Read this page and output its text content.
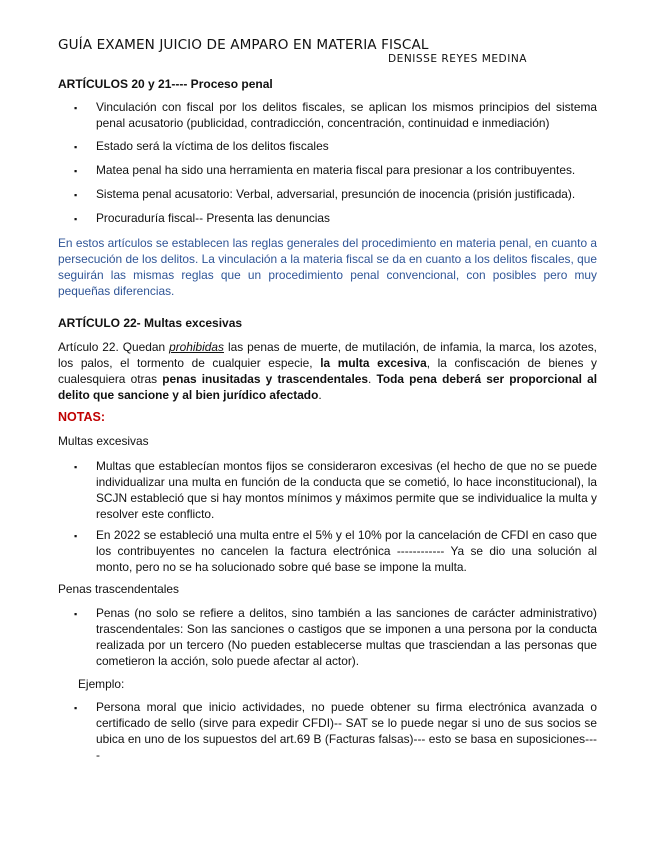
GUÍA EXAMEN JUICIO DE AMPARO EN MATERIA FISCAL
DENISSE REYES MEDINA
ARTÍCULOS 20 y 21---- Proceso penal
▪ Vinculación con fiscal por los delitos fiscales, se aplican los mismos principios del sistema penal acusatorio (publicidad, contradicción, concentración, continuidad e inmediación)
▪ Estado será la víctima de los delitos fiscales
▪ Matea penal ha sido una herramienta en materia fiscal para presionar a los contribuyentes.
▪ Sistema penal acusatorio: Verbal, adversarial, presunción de inocencia (prisión justificada).
▪ Procuraduría fiscal-- Presenta las denuncias
En estos artículos se establecen las reglas generales del procedimiento en materia penal, en cuanto a persecución de los delitos. La vinculación a la materia fiscal se da en cuanto a los delitos fiscales, que seguirán las mismas reglas que un procedimiento penal convencional, con posibles pero muy pequeñas diferencias.
ARTÍCULO 22- Multas excesivas
Artículo 22. Quedan prohibidas las penas de muerte, de mutilación, de infamia, la marca, los azotes, los palos, el tormento de cualquier especie, la multa excesiva, la confiscación de bienes y cualesquiera otras penas inusitadas y trascendentales. Toda pena deberá ser proporcional al delito que sancione y al bien jurídico afectado.
NOTAS:
Multas excesivas
▪ Multas que establecían montos fijos se consideraron excesivas (el hecho de que no se puede individualizar una multa en función de la conducta que se cometió, lo hace inconstitucional), la SCJN estableció que si hay montos mínimos y máximos permite que se individualice la multa y resolver este conflicto.
▪ En 2022 se estableció una multa entre el 5% y el 10% por la cancelación de CFDI en caso que los contribuyentes no cancelen la factura electrónica ------------ Ya se dio una solución al monto, pero no se ha solucionado sobre qué base se impone la multa.
Penas trascendentales
▪ Penas (no solo se refiere a delitos, sino también a las sanciones de carácter administrativo) trascendentales: Son las sanciones o castigos que se imponen a una persona por la conducta realizada por un tercero (No pueden establecerse multas que trasciendan a las personas que cometieron la acción, solo puede afectar al actor).
Ejemplo:
▪ Persona moral que inicio actividades, no puede obtener su firma electrónica avanzada o certificado de sello (sirve para expedir CFDI)-- SAT se lo puede negar si uno de sus socios se ubica en uno de los supuestos del art.69 B (Facturas falsas)--- esto se basa en suposiciones----
